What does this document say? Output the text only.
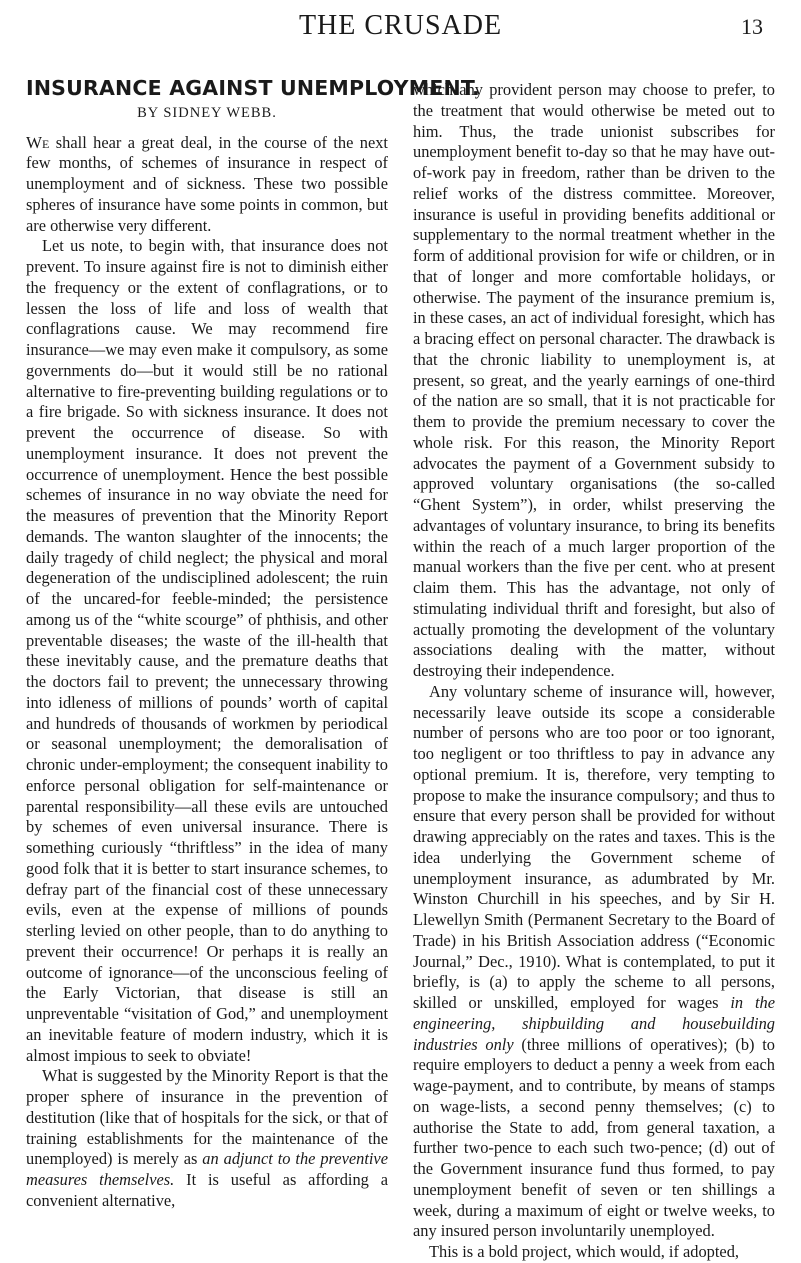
THE CRUSADE	13
INSURANCE AGAINST UNEMPLOYMENT.
BY SIDNEY WEBB.

We shall hear a great deal, in the course of the next few months, of schemes of insurance in respect of unemployment and of sickness. These two possible spheres of insurance have some points in common, but are otherwise very different.

Let us note, to begin with, that insurance does not prevent. To insure against fire is not to diminish either the frequency or the extent of conflagrations, or to lessen the loss of life and loss of wealth that conflagrations cause. We may recommend fire insurance—we may even make it compulsory, as some governments do—but it would still be no rational alternative to fire-preventing building regulations or to a fire brigade. So with sickness insurance. It does not prevent the occurrence of disease. So with unemployment insurance. It does not prevent the occurrence of unemployment. Hence the best possible schemes of insurance in no way obviate the need for the measures of prevention that the Minority Report demands. The wanton slaughter of the innocents; the daily tragedy of child neglect; the physical and moral degeneration of the undisciplined adolescent; the ruin of the uncared-for feeble-minded; the persistence among us of the “white scourge” of phthisis, and other preventable diseases; the waste of the ill-health that these inevitably cause, and the premature deaths that the doctors fail to prevent; the unnecessary throwing into idleness of millions of pounds’ worth of capital and hundreds of thousands of workmen by periodical or seasonal unemployment; the demoralisation of chronic under-employment; the consequent inability to enforce personal obligation for self-maintenance or parental responsibility—all these evils are untouched by schemes of even universal insurance. There is something curiously “thriftless” in the idea of many good folk that it is better to start insurance schemes, to defray part of the financial cost of these unnecessary evils, even at the expense of millions of pounds sterling levied on other people, than to do anything to prevent their occurrence! Or perhaps it is really an outcome of ignorance—of the unconscious feeling of the Early Victorian, that disease is still an unpreventable “visitation of God,” and unemployment an inevitable feature of modern industry, which it is almost impious to seek to obviate!

What is suggested by the Minority Report is that the proper sphere of insurance in the prevention of destitution (like that of hospitals for the sick, or that of training establishments for the maintenance of the unemployed) is merely as an adjunct to the preventive measures themselves. It is useful as affording a convenient alternative,

which any provident person may choose to prefer, to the treatment that would otherwise be meted out to him. Thus, the trade unionist subscribes for unemployment benefit to-day so that he may have out-of-work pay in freedom, rather than be driven to the relief works of the distress committee. Moreover, insurance is useful in providing benefits additional or supplementary to the normal treatment whether in the form of additional provision for wife or children, or in that of longer and more comfortable holidays, or otherwise. The payment of the insurance premium is, in these cases, an act of individual foresight, which has a bracing effect on personal character. The drawback is that the chronic liability to unemployment is, at present, so great, and the yearly earnings of one-third of the nation are so small, that it is not practicable for them to provide the premium necessary to cover the whole risk. For this reason, the Minority Report advocates the payment of a Government subsidy to approved voluntary organisations (the so-called “Ghent System”), in order, whilst preserving the advantages of voluntary insurance, to bring its benefits within the reach of a much larger proportion of the manual workers than the five per cent. who at present claim them. This has the advantage, not only of stimulating individual thrift and foresight, but also of actually promoting the development of the voluntary associations dealing with the matter, without destroying their independence.

Any voluntary scheme of insurance will, however, necessarily leave outside its scope a considerable number of persons who are too poor or too ignorant, too negligent or too thriftless to pay in advance any optional premium. It is, therefore, very tempting to propose to make the insurance compulsory; and thus to ensure that every person shall be provided for without drawing appreciably on the rates and taxes. This is the idea underlying the Government scheme of unemployment insurance, as adumbrated by Mr. Winston Churchill in his speeches, and by Sir H. Llewellyn Smith (Permanent Secretary to the Board of Trade) in his British Association address (“Economic Journal,” Dec., 1910). What is contemplated, to put it briefly, is (a) to apply the scheme to all persons, skilled or unskilled, employed for wages in the engineering, shipbuilding and housebuilding industries only (three millions of operatives); (b) to require employers to deduct a penny a week from each wage-payment, and to contribute, by means of stamps on wage-lists, a second penny themselves; (c) to authorise the State to add, from general taxation, a further two-pence to each such two-pence; (d) out of the Government insurance fund thus formed, to pay unemployment benefit of seven or ten shillings a week, during a maximum of eight or twelve weeks, to any insured person involuntarily unemployed.

This is a bold project, which would, if adopted,
